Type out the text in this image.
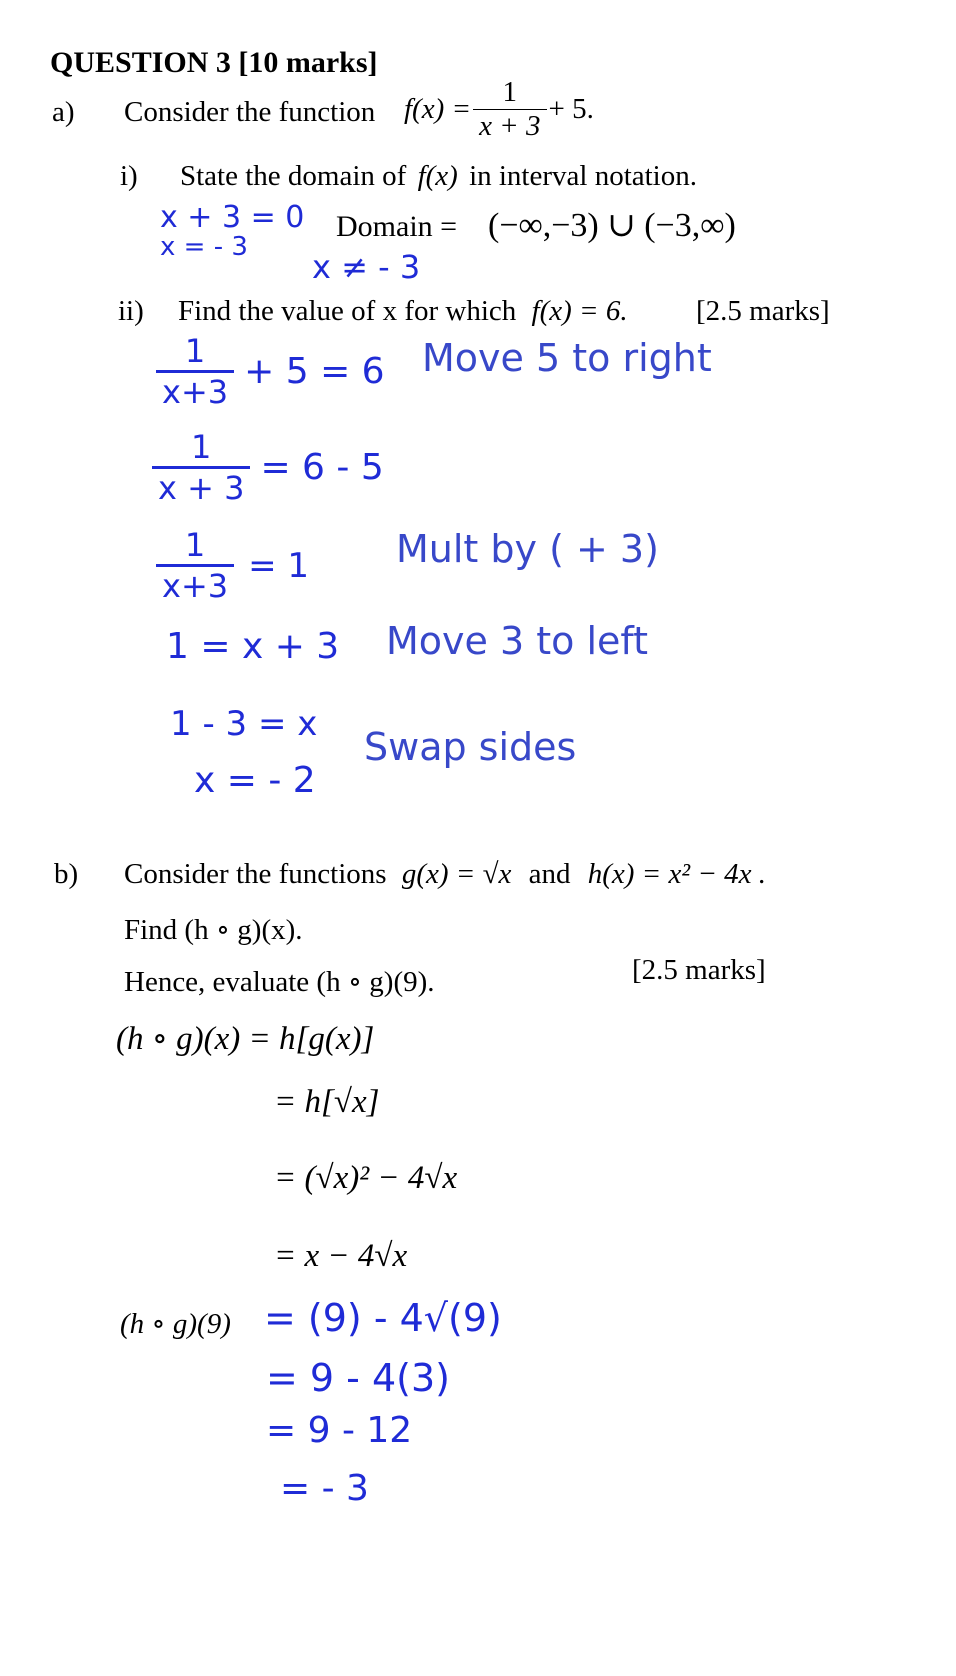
QUESTION 3 [10 marks]
a) Consider the function $f(x) = \frac{1}{x + 3} + 5$.
i) State the domain of f(x) in interval notation.
x + 3 = 0
x = - 3
Domain = (−∞,−3) ∪ (−3,∞)
x ≠ - 3
ii) Find the value of x for which f(x) = 6. [2.5 marks]
$\frac{1}{x+3} + 5 = 6$ Move 5 to right
$\frac{1}{x + 3} = 6 - 5$
$\frac{1}{x+3} = 1$ Mult by ( + 3)
1 = x + 3 Move 3 to left
1 - 3 = x
Swap sides
x = - 2
b) Consider the functions g(x) = √x and h(x) = x² − 4x .
Find (h ∘ g)(x).
Hence, evaluate (h ∘ g)(9).	[2.5 marks]
(h ∘ g)(x) = h[g(x)]
= h[√x]
= (√x)² − 4√x
= x − 4√x
(h ∘ g)(9) = (9) - 4√(9)
= 9 - 4(3)
= 9 - 12
= - 3
